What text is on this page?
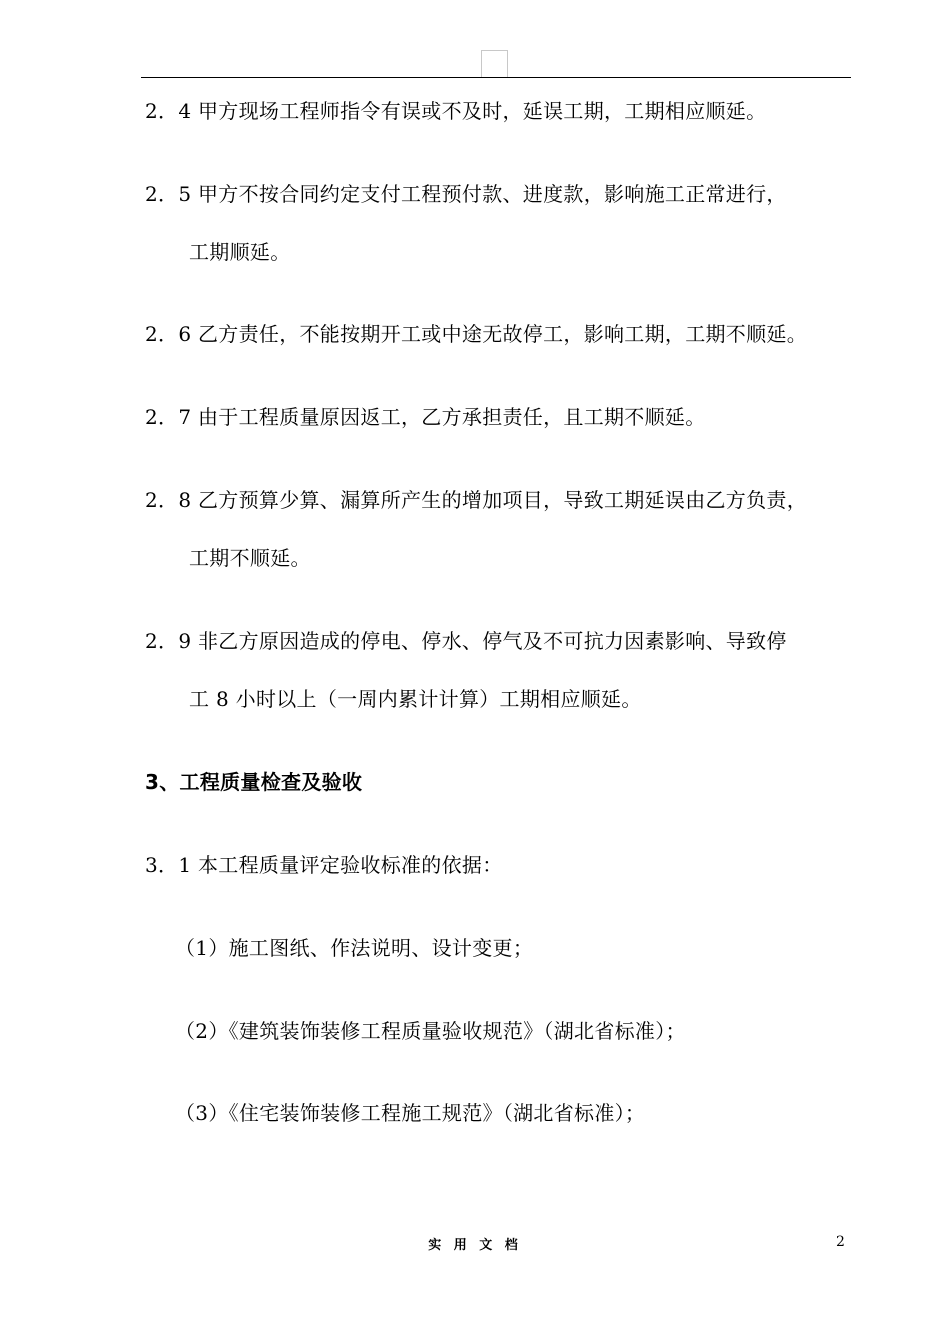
2．4 甲方现场工程师指令有误或不及时，延误工期，工期相应顺延。
2．5 甲方不按合同约定支付工程预付款、进度款，影响施工正常进行，
工期顺延。
2．6 乙方责任，不能按期开工或中途无故停工，影响工期，工期不顺延。
2．7 由于工程质量原因返工，乙方承担责任，且工期不顺延。
2．8 乙方预算少算、漏算所产生的增加项目，导致工期延误由乙方负责，
工期不顺延。
2．9 非乙方原因造成的停电、停水、停气及不可抗力因素影响、导致停
工 8 小时以上（一周内累计计算）工期相应顺延。
3、工程质量检查及验收
3．1 本工程质量评定验收标准的依据：
（1）施工图纸、作法说明、设计变更；
（2）《建筑装饰装修工程质量验收规范》（湖北省标准）；
（3）《住宅装饰装修工程施工规范》（湖北省标准）；
实 用 文 档	2
